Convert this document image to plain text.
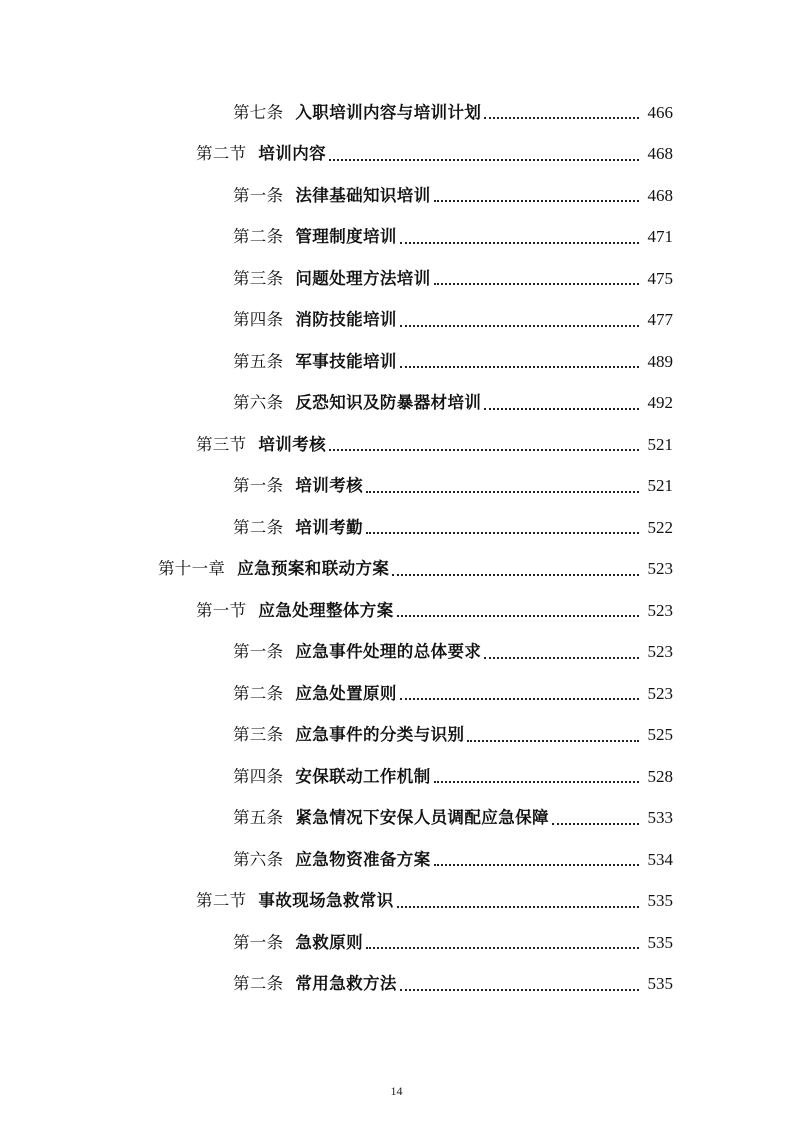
第七条 入职培训内容与培训计划	466
第二节 培训内容	468
第一条 法律基础知识培训	468
第二条 管理制度培训	471
第三条 问题处理方法培训	475
第四条 消防技能培训	477
第五条 军事技能培训	489
第六条 反恐知识及防暴器材培训	492
第三节 培训考核	521
第一条 培训考核	521
第二条 培训考勤	522
第十一章 应急预案和联动方案	523
第一节 应急处理整体方案	523
第一条 应急事件处理的总体要求	523
第二条 应急处置原则	523
第三条 应急事件的分类与识别	525
第四条 安保联动工作机制	528
第五条 紧急情况下安保人员调配应急保障	533
第六条 应急物资准备方案	534
第二节 事故现场急救常识	535
第一条 急救原则	535
第二条 常用急救方法	535
14
